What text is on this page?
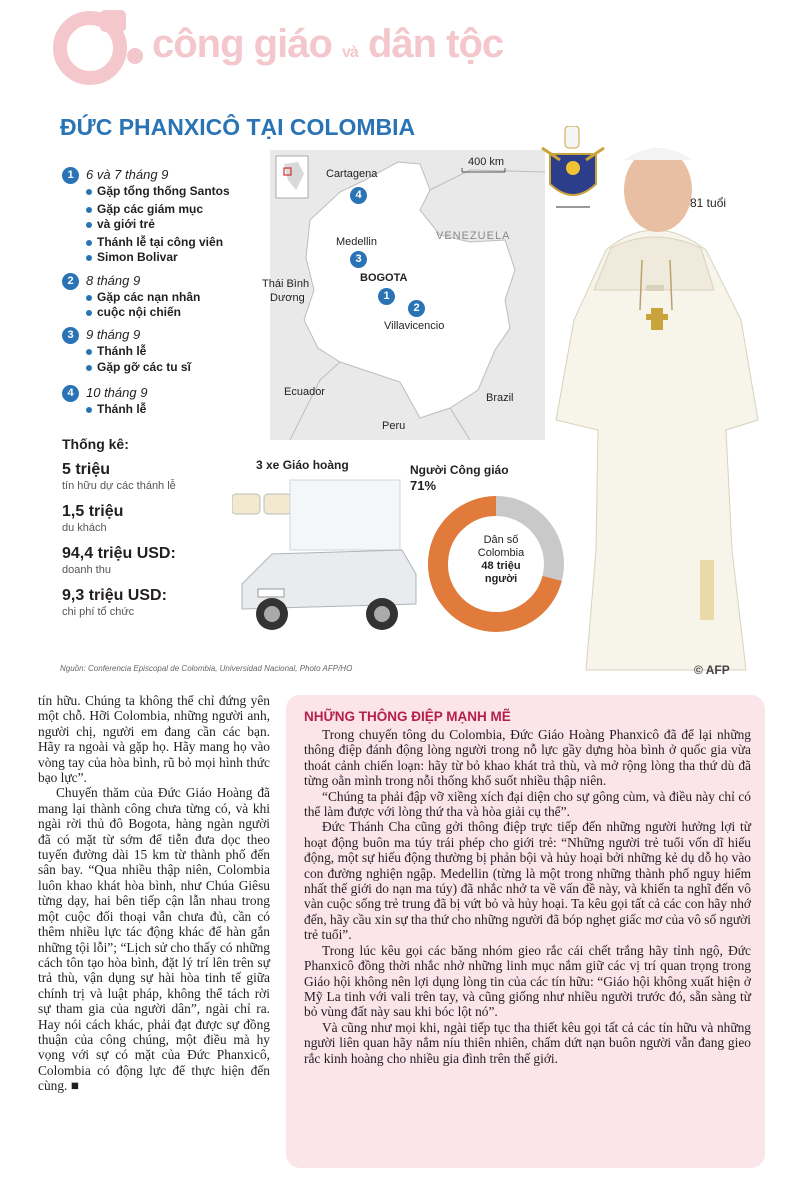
công giáo và dân tộc
ĐỨC PHANXICÔ TẠI COLOMBIA
1 6 và 7 tháng 9
Gặp tổng thống Santos
Gặp các giám mục
và giới trẻ
Thánh lễ tại công viên
Simon Bolivar
2 8 tháng 9
Gặp các nạn nhân
cuộc nội chiến
3 9 tháng 9
Thánh lễ
Gặp gỡ các tu sĩ
4 10 tháng 9
Thánh lễ
Thống kê:
5 triệu
tín hữu dự các thánh lễ
1,5 triệu
du khách
94,4 triệu USD:
doanh thu
9,3 triệu USD:
chi phí tổ chức
400 km
Cartagena
VENEZUELA
Medellin
BOGOTA
Villavicencio
Thái Bình
Dương
Ecuador	Brazil
Peru
4
3
1
2
81 tuổi
© AFP
3 xe Giáo hoàng	Người Công giáo
71%
Dân số
Colombia
48 triệu
người
Nguồn: Conferencia Episcopal de Colombia, Universidad Nacional, Photo AFP/HO

tín hữu. Chúng ta không thể chỉ đứng yên một chỗ. Hỡi Colombia, những người anh, người chị, người em đang cần các bạn. Hãy ra ngoài và gặp họ. Hãy mang họ vào vòng tay của hòa bình, rũ bỏ mọi hình thức bạo lực”.

Chuyến thăm của Đức Giáo Hoàng đã mang lại thành công chưa từng có, và khi ngài rời thủ đô Bogota, hàng ngàn người đã có mặt từ sớm để tiễn đưa dọc theo tuyến đường dài 15 km từ thành phố đến sân bay. “Qua nhiều thập niên, Colombia luôn khao khát hòa bình, như Chúa Giêsu từng dạy, hai bên tiếp cận lẫn nhau trong một cuộc đối thoại vẫn chưa đủ, cần có thêm nhiều lực tác động khác để hàn gắn những tội lỗi”; “Lịch sử cho thấy có những cách tôn tạo hòa bình, đặt lý trí lên trên sự trả thù, vận dụng sự hài hòa tinh tế giữa chính trị và luật pháp, không thể tách rời sự tham gia của người dân”, ngài chỉ ra. Hay nói cách khác, phải đạt được sự đồng thuận của công chúng, một điều mà hy vọng với sự có mặt của Đức Phanxicô, Colombia có động lực để thực hiện đến cùng. ■

NHỮNG THÔNG ĐIỆP MẠNH MẼ

Trong chuyến tông du Colombia, Đức Giáo Hoàng Phanxicô đã để lại những thông điệp đánh động lòng người trong nỗ lực gầy dựng hòa bình ở quốc gia vừa thoát cảnh chiến loạn: hãy từ bỏ khao khát trả thù, và mở rộng lòng tha thứ dù đã từng oằn mình trong nỗi thống khổ suốt nhiều thập niên.

“Chúng ta phải đập vỡ xiềng xích đại diện cho sự gông cùm, và điều này chỉ có thể làm được với lòng thứ tha và hòa giải cụ thể”.

Đức Thánh Cha cũng gởi thông điệp trực tiếp đến những người hưởng lợi từ hoạt động buôn ma túy trái phép cho giới trẻ: “Những người trẻ tuổi vốn dĩ hiếu động, một sự hiếu động thường bị phản bội và hủy hoại bởi những kẻ dụ dỗ họ vào con đường nghiện ngập. Medellin (từng là một trong những thành phố nguy hiểm nhất thế giới do nạn ma túy) đã nhắc nhở ta về vấn đề này, và khiến ta nghĩ đến vô vàn cuộc sống trẻ trung đã bị vứt bỏ và hủy hoại. Ta kêu gọi tất cả các con hãy nhớ đến, hãy cầu xin sự tha thứ cho những người đã bóp nghẹt giấc mơ của vô số người trẻ tuổi”.

Trong lúc kêu gọi các băng nhóm gieo rắc cái chết trắng hãy tỉnh ngộ, Đức Phanxicô đồng thời nhắc nhở những linh mục nắm giữ các vị trí quan trọng trong Giáo hội không nên lợi dụng lòng tin của các tín hữu: “Giáo hội không xuất hiện ở Mỹ La tinh với vali trên tay, và cũng giống như nhiều người trước đó, sẵn sàng từ bỏ vùng đất này sau khi bóc lột nó”.

Và cũng như mọi khi, ngài tiếp tục tha thiết kêu gọi tất cả các tín hữu và những người liên quan hãy nắm níu thiên nhiên, chấm dứt nạn buôn người vẫn đang gieo rắc kinh hoàng cho nhiều gia đình trên thế giới.
